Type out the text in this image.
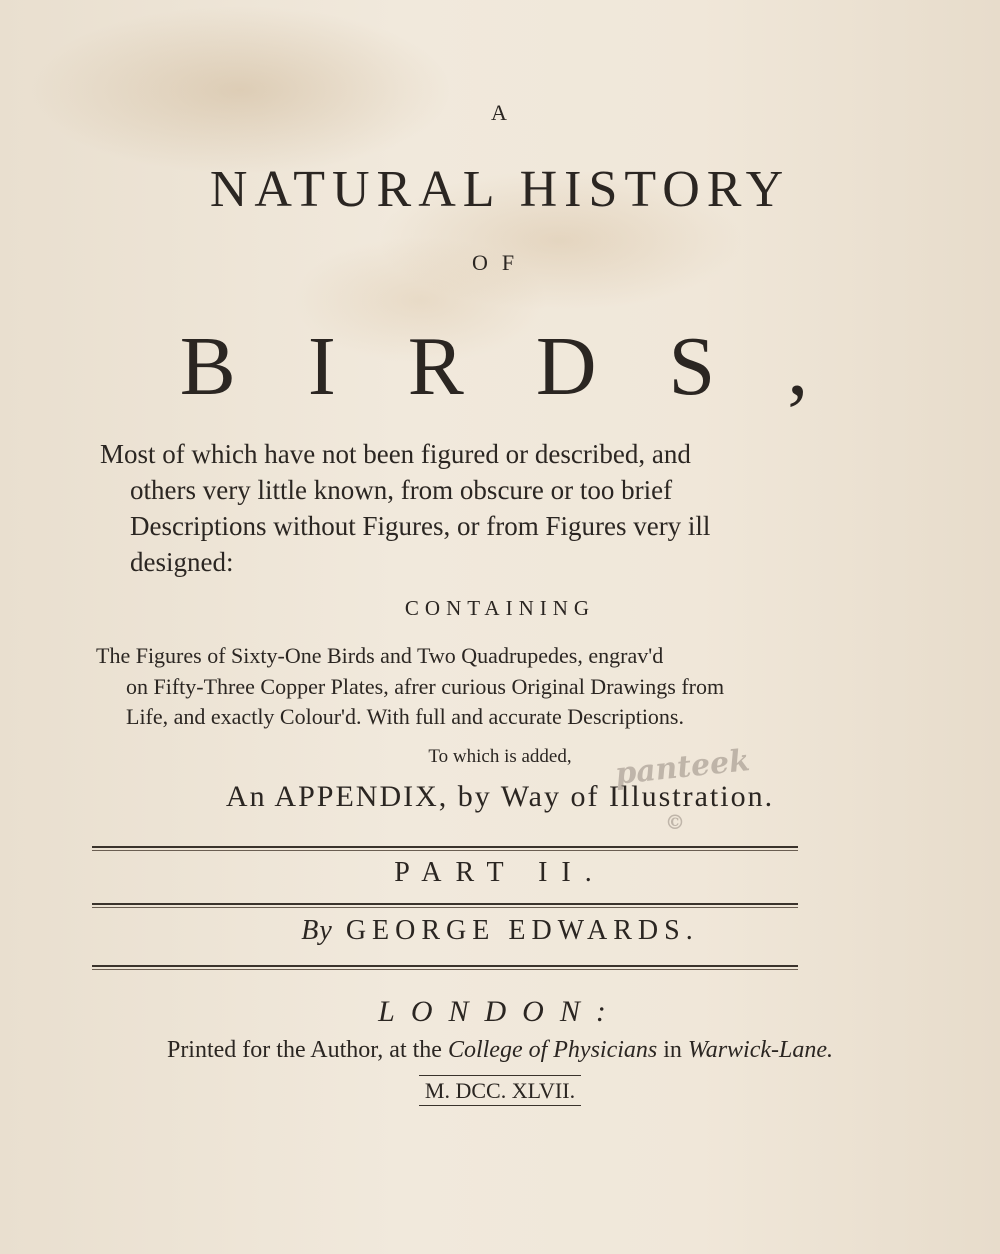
A
NATURAL HISTORY
OF
BIRDS,
Most of which have not been figured or described, and
others very little known, from obscure or too brief
Descriptions without Figures, or from Figures very ill
designed:
CONTAINING
The Figures of Sixty-One Birds and Two Quadrupedes, engrav'd
on Fifty-Three Copper Plates, afrer curious Original Drawings from
Life, and exactly Colour'd. With full and accurate Descriptions.
To which is added,
An APPENDIX, by Way of Illustration.
PART II.
By GEORGE EDWARDS.
LONDON:
Printed for the Author, at the College of Physicians in Warwick-Lane.
M. DCC. XLVII.
panteek
©
